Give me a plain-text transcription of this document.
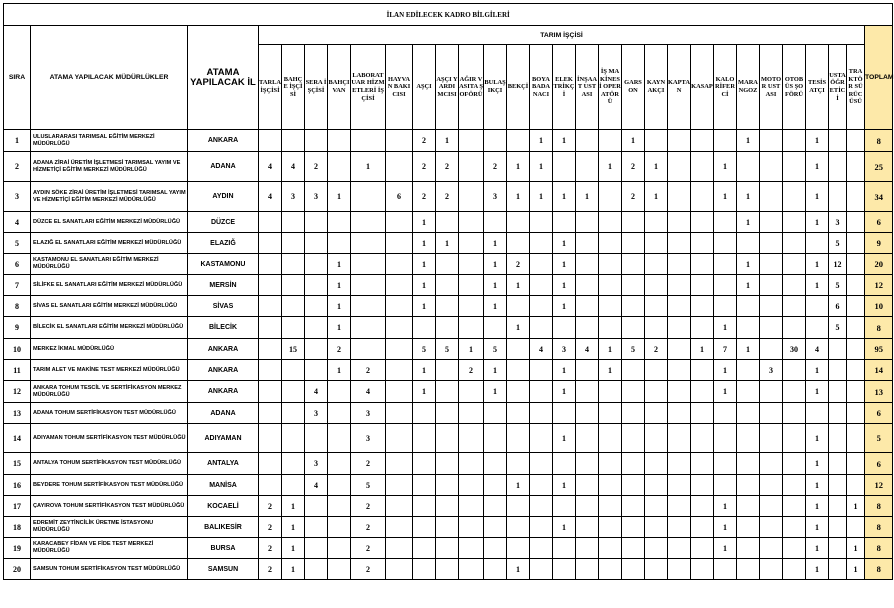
İLAN EDİLECEK KADRO BİLGİLERİ																													
SIRA	ATAMA YAPILACAK MÜDÜRLÜKLER	ATAMA YAPILACAK İL	TARIM İŞÇİSİ																										TOPLAM
			TARLA İŞÇİSİ	BAHÇE İŞÇİSİ	SERA İŞÇİSİ	BAHÇIVAN	LABORATUAR HİZMETLERİ İŞÇİSİ	HAYVAN BAKICISI	AŞÇI	AŞÇI YARDIMCISI	AĞIR VASITA ŞOFÖRÜ	BULAŞIKÇI	BEKÇİ	BOYA BADANACI	ELEKTRİKÇİ	İNŞAAT USTASI	İŞ MAKİNESİ OPERATÖRÜ	GARSON	KAYNAKÇI	KAPTAN	KASAP	KALORİFERCİ	MARANGOZ	MOTOR USTASI	OTOBÜS ŞOFÖRÜ	TESİSATÇI	USTA ÖĞRETİCİ	TRAKTÖR SÜRÜCÜSÜ	
1	ULUSLARARASI TARIMSAL EĞİTİM MERKEZİ MÜDÜRLÜĞÜ	ANKARA							2	1				1	1			1					1			1			8
2	ADANA ZİRAİ ÜRETİM İŞLETMESİ TARIMSAL YAYIM VE HİZMETİÇİ EĞİTİM MERKEZİ MÜDÜRLÜĞÜ	ADANA	4	4	2		1		2	2		2	1	1			1	2	1			1				1			25
3	AYDIN SÖKE ZİRAİ ÜRETİM İŞLETMESİ TARIMSAL YAYIM VE HİZMETİÇİ EĞİTİM MERKEZİ MÜDÜRLÜĞÜ	AYDIN	4	3	3	1		6	2	2		3	1	1	1	1		2	1			1	1			1			34
4	DÜZCE EL SANATLARI EĞİTİM MERKEZİ MÜDÜRLÜĞÜ	DÜZCE							1														1			1	3		6
5	ELAZIĞ EL SANATLARI EĞİTİM MERKEZİ MÜDÜRLÜĞÜ	ELAZIĞ							1	1		1			1												5		9
6	KASTAMONU EL SANATLARI EĞİTİM MERKEZİ MÜDÜRLÜĞÜ	KASTAMONU				1			1			1	2		1								1			1	12		20
7	SİLİFKE EL SANATLARI EĞİTİM MERKEZİ MÜDÜRLÜĞÜ	MERSİN				1			1			1	1		1								1			1	5		12
8	SİVAS EL SANATLARI EĞİTİM MERKEZİ MÜDÜRLÜĞÜ	SİVAS				1			1			1			1												6		10
9	BİLECİK EL SANATLARI EĞİTİM MERKEZİ MÜDÜRLÜĞÜ	BİLECİK				1							1									1					5		8
10	MERKEZ İKMAL MÜDÜRLÜĞÜ	ANKARA		15		2			5	5	1	5		4	3	4	1	5	2		1	7	1		30	4			95
11	TARIM ALET VE MAKİNE TEST MERKEZİ MÜDÜRLÜĞÜ	ANKARA				1	2		1		2	1			1		1					1		3		1			14
12	ANKARA TOHUM TESCİL VE SERTİFİKASYON MERKEZ MÜDÜRLÜĞÜ	ANKARA			4		4		1			1			1							1				1			13
13	ADANA TOHUM SERTİFİKASYON TEST MÜDÜRLÜĞÜ	ADANA			3		3																						6
14	ADIYAMAN TOHUM SERTİFİKASYON TEST MÜDÜRLÜĞÜ	ADIYAMAN					3								1											1			5
15	ANTALYA TOHUM SERTİFİKASYON TEST MÜDÜRLÜĞÜ	ANTALYA			3		2																			1			6
16	BEYDERE TOHUM SERTİFİKASYON TEST MÜDÜRLÜĞÜ	MANİSA			4		5						1		1											1			12
17	ÇAYIROVA TOHUM SERTİFİKASYON TEST MÜDÜRLÜĞÜ	KOCAELİ	2	1			2															1				1		1	8
18	EDREMİT ZEYTİNCİLİK ÜRETME İSTASYONU MÜDÜRLÜĞÜ	BALIKESİR	2	1			2								1							1				1			8
19	KARACABEY FİDAN VE FİDE TEST MERKEZİ MÜDÜRLÜĞÜ	BURSA	2	1			2															1				1		1	8
20	SAMSUN TOHUM SERTİFİKASYON TEST MÜDÜRLÜĞÜ	SAMSUN	2	1			2						1													1		1	8
